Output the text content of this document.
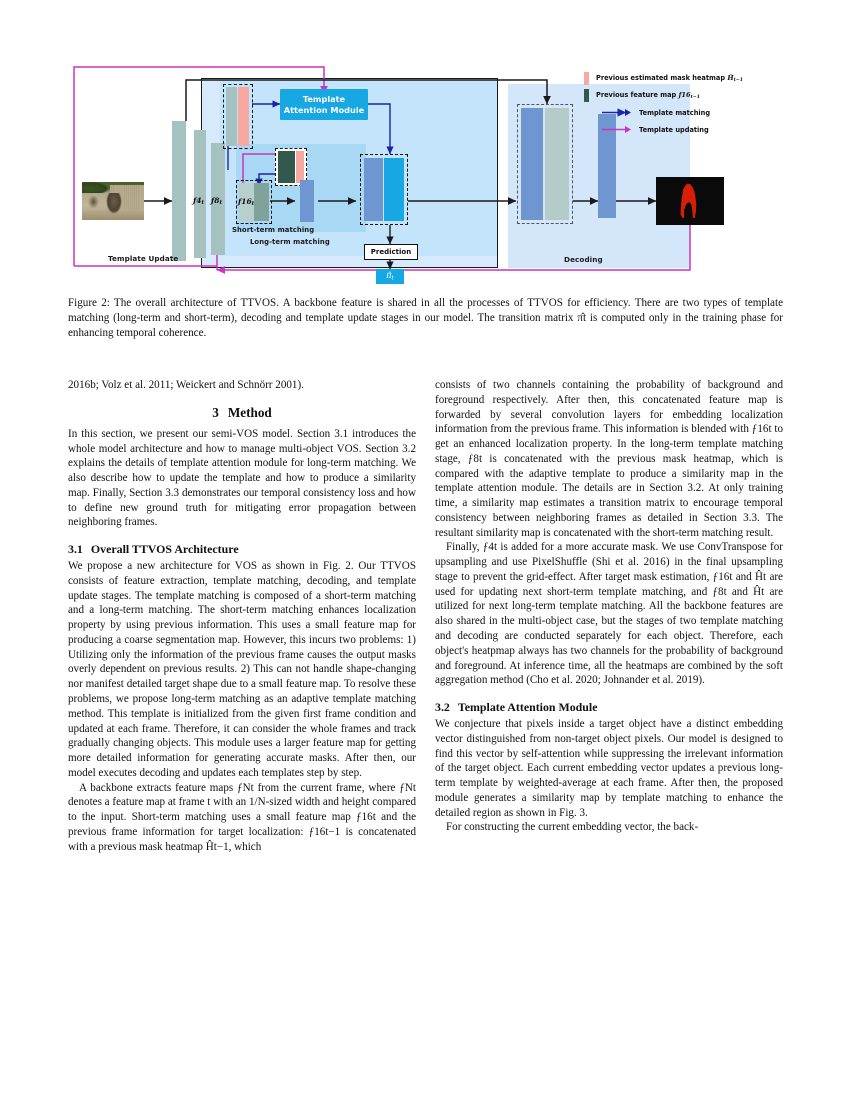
$ƒ4_t$ $ƒ8_t$ $ƒ16_t$
Short-term matching
Long-term matching
Template
Attention Module
Prediction
$\pî_t$
Decoding
Template Update
Previous estimated mask heatmap $Ĥ_{t-1}$
Previous feature map $ƒ16_{t-1}$
Template matching
Template updating
Figure 2: The overall architecture of TTVOS. A backbone feature is shared in all the processes of TTVOS for efficiency. There are two types of template matching (long-term and short-term), decoding and template update stages in our model. The transition matrix π̂t is computed only in the training phase for enhancing temporal coherence.

2016b; Volz et al. 2011; Weickert and Schnörr 2001).

3 Method

In this section, we present our semi-VOS model. Section 3.1 introduces the whole model architecture and how to manage multi-object VOS. Section 3.2 explains the details of template attention module for long-term matching. We also describe how to update the template and how to produce a similarity map. Finally, Section 3.3 demonstrates our temporal consistency loss and how to define new ground truth for mitigating error propagation between neighboring frames.

3.1 Overall TTVOS Architecture

We propose a new architecture for VOS as shown in Fig. 2. Our TTVOS consists of feature extraction, template matching, decoding, and template update stages. The template matching is composed of a short-term matching and a long-term matching. The short-term matching enhances localization property by using previous information. This uses a small feature map for producing a coarse segmentation map. However, this incurs two problems: 1) Utilizing only the information of the previous frame causes the output masks overly dependent on previous results. 2) This can not handle shape-changing nor manifest detailed target shape due to a small feature map. To resolve these problems, we propose long-term matching as an adaptive template matching method. This template is initialized from the given first frame condition and updated at each frame. Therefore, it can consider the whole frames and track gradually changing objects. This module uses a larger feature map for getting more detailed information for generating accurate masks. After then, our model executes decoding and updates each templates step by step.

A backbone extracts feature maps ƒNt from the current frame, where ƒNt denotes a feature map at frame t with an 1/N-sized width and height compared to the input. Short-term matching uses a small feature map ƒ16t and the previous frame information for target localization: ƒ16t−1 is concatenated with a previous mask heatmap Ĥt−1, which

consists of two channels containing the probability of background and foreground respectively. After then, this concatenated feature map is forwarded by several convolution layers for embedding localization information from the previous frame. This information is blended with ƒ16t to get an enhanced localization property. In the long-term template matching stage, ƒ8t is concatenated with the previous mask heatmap, which is compared with the adaptive template to produce a similarity map in the template attention module. The details are in Section 3.2. At only training time, a similarity map estimates a transition matrix to encourage temporal consistency between neighboring frames as detailed in Section 3.3. The resultant similarity map is concatenated with the short-term matching result.

Finally, ƒ4t is added for a more accurate mask. We use ConvTranspose for upsampling and use PixelShuffle (Shi et al. 2016) in the final upsampling stage to prevent the grid-effect. After target mask estimation, ƒ16t and Ĥt are used for updating next short-term template matching, and ƒ8t and Ĥt are utilized for next long-term template matching. All the backbone features are also shared in the multi-object case, but the stages of two template matching and decoding are conducted separately for each object. Therefore, each object's heatpmap always has two channels for the probability of background and foreground. At inference time, all the heatmaps are combined by the soft aggregation method (Cho et al. 2020; Johnander et al. 2019).

3.2 Template Attention Module

We conjecture that pixels inside a target object have a distinct embedding vector distinguished from non-target object pixels. Our model is designed to find this vector by self-attention while suppressing the irrelevant information of the target object. Each current embedding vector updates a previous long-term template by weighted-average at each frame. After then, the proposed module generates a similarity map by template matching to enhance the detailed region as shown in Fig. 3.

For constructing the current embedding vector, the back-
